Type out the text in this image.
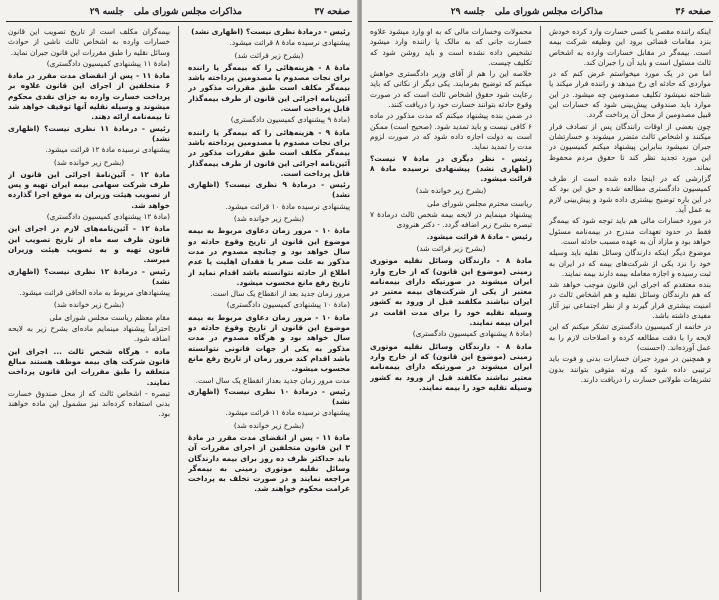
صفحه ۳۷
مذاکرات مجلس شورای ملی
جلسه ۲۹

رئیس - درمادهٔ نظری نیست؟ (اظهاری نشد)

پیشنهادی نرسیده مادهٔ ۸ قرائت میشود.

(بشرح زیر قرائت شد)

مادهٔ ۸ - هزینه‌هائی را که بیمه‌گر یا راننده برای نجات مصدوم یا مصدومین پرداخته باشد بیمه‌گر مکلف است طبق مقررات مذکور در آئین‌نامه اجرائی این قانون از طرف بیمه‌گذار قابل پرداخت است.

(مادهٔ ۹ پیشنهادی کمیسیون دادگستری)

مادهٔ ۹ - هزینه‌هائی را که بیمه‌گر یا راننده برای نجات مصدوم یا مصدومین پرداخته باشد بیمه‌گر مکلف است طبق مقررات مذکور در آئین‌نامه اجرائی این قانون از طرف بیمه‌گذار قابل پرداخت است.

رئیس - درمادهٔ ۹ نظری نیست؟ (اظهاری نشد)

پیشنهادی نرسیده مادهٔ ۱۰ قرائت میشود.

(بشرح زیر خوانده شد)

مادهٔ ۱۰ - مرور زمان دعاوی مربوط به بیمه موضوع این قانون از تاریخ وقوع حادثه دو سال خواهد بود و چنانچه مصدوم در مدت مذکور به علت صغر یا فقدان اهلیت یا عدم اطلاع از حادثه نتوانسته باشد اقدام نماید از تاریخ رفع مانع محسوب میشود.

مرور زمان جدید بعد از انقطاع یک سال است.

(مادهٔ ۱۰ پیشنهادی کمیسیون دادگستری)

مادهٔ ۱۰ - مرور زمان دعاوی مربوط به بیمه موضوع این قانون از تاریخ وقوع حادثه دو سال خواهد بود و هرگاه مصدوم در مدت مذکور به یکی از جهات قانونی نتوانسته باشد اقدام کند مرور زمان از تاریخ رفع مانع محسوب میشود.

مدت مرور زمان جدید بعداز انقطاع یک سال است.

رئیس - درمادهٔ ۱۰ نظری نیست؟ (اظهاری نشد)

پیشنهادی نرسیده مادهٔ ۱۱ قرائت میشود.

(بشرح زیر خوانده شد)

مادهٔ ۱۱ - پس از انقضای مدت مقرر در مادهٔ ۳ این قانون متخلفین از اجرای مقررات آن باید حداکثر ظرف ده روز برای بیمه دارندگان وسائل نقلیه موتوری زمینی به بیمه‌گر مراجعه نمایند و در صورت تخلف به پرداخت غرامت محکوم خواهند شد.

بیمه‌گران مکلف است از تاریخ تصویب این قانون خسارات وارده به اشخاص ثالث ناشی از حوادث وسائل نقلیه را طبق مقررات این قانون جبران نماید.

(مادهٔ ۱۱ پیشنهادی کمیسیون دادگستری)

مادهٔ ۱۱ - پس از انقضای مدت مقرر در مادهٔ ۶ متخلفین از اجرای این قانون علاوه بر پرداخت خسارت وارده به جزای نقدی محکوم میشوند و وسیله نقلیه آنها توقیف خواهد شد تا بیمه‌نامه ارائه دهند.

رئیس - درمادهٔ ۱۱ نظری نیست؟ (اظهاری نشد)

پیشنهادی نرسیده مادهٔ ۱۲ قرائت میشود.

(بشرح زیر خوانده شد)

مادهٔ ۱۲ - آئین‌نامهٔ اجرائی این قانون از طرف شرکت سهامی بیمه ایران تهیه و پس از تصویب هیئت وزیران به موقع اجرا گذارده خواهد شد.

(مادهٔ ۱۲ پیشنهادی کمیسیون دادگستری)

مادهٔ ۱۲ - آئین‌نامه‌های لازم در اجرای این قانون ظرف سه ماه از تاریخ تصویب این قانون تهیه و به تصویب هیئت وزیران میرسد.

رئیس - درمادهٔ ۱۲ نظری نیست؟ (اظهاری نشد)

پیشنهادهای مربوط به ماده الحاقی قرائت میشود.

(بشرح زیر خوانده شد)

مقام معظم ریاست مجلس شورای ملی

احتراماً پیشنهاد مینمایم ماده‌ای بشرح زیر به لایحه اضافه شود.

ماده - هرگاه شخص ثالث ... اجرای این قانون شرکت های بیمه موظف هستند مبالغ متعلقه را طبق مقررات این قانون پرداخت نمایند.

تبصره - اشخاص ثالث که از محل صندوق خسارت بدنی استفاده کرده‌اند نیز مشمول این ماده خواهند بود.

صفحه ۳۶
مذاکرات مجلس شورای ملی
جلسه ۲۹

اینکه راننده مقصر یا کسی خسارت وارد کرده خودش بنزد مقامات قضائی برود این وظیفه شرکت بیمه است. بیمه‌گر در مقابل خسارات وارده به اشخاص ثالث مسئول است و باید آن را جبران کند.

اما من در یک مورد میخواستم عرض کنم که در مواردی که حادثه ای رخ میدهد و راننده فرار میکند یا شناخته نمیشود تکلیف مصدومین چه میشود. در این موارد باید صندوقی پیش‌بینی شود که خسارات این قبیل مصدومین از محل آن پرداخت گردد.

چون بعضی از اوقات رانندگان پس از تصادف فرار میکنند و اشخاص ثالث متضرر میشوند و خسارتشان جبران نمیشود بنابراین پیشنهاد میکنم کمیسیون در این مورد تجدید نظر کند تا حقوق مردم محفوظ بماند.

گزارشی که در اینجا داده شده است از طرف کمیسیون دادگستری مطالعه شده و حق این بود که در این باره توضیح بیشتری داده شود و پیش‌بینی لازم به عمل آید.

در مورد خسارات مالی هم باید توجه شود که بیمه‌گر فقط در حدود تعهدات مندرج در بیمه‌نامه مسئول خواهد بود و مازاد آن به عهده مسبب حادثه است.

موضوع دیگر اینکه دارندگان وسائل نقلیه باید وسیله خود را نزد یکی از شرکت‌های بیمه که در ایران به ثبت رسیده و اجازه معامله بیمه دارند بیمه نمایند.

بنده معتقدم که اجرای این قانون موجب خواهد شد که هم دارندگان وسائل نقلیه و هم اشخاص ثالث در امنیت بیشتری قرار گیرند و از نظر اجتماعی نیز آثار مفیدی داشته باشد.

در خاتمه از کمیسیون دادگستری تشکر میکنم که این لایحه را با دقت مطالعه کرده و اصلاحات لازم را به عمل آورده‌اند. (احسنت)

و همچنین در مورد جبران خسارات بدنی و فوت باید ترتیبی داده شود که ورثه متوفی بتوانند بدون تشریفات طولانی خسارت را دریافت دارند.

محمولات وخسارات مالی که به او وارد میشود علاوه خسارت جانی که به مالک یا راننده وارد میشود تشخیص داده نشده است و باید روشن شود که تکلیف چیست.

خلاصه این را هم از آقای وزیر دادگستری خواهش میکنم که توضیح بفرمایند. یکی دیگر از نکاتی که باید رعایت شود حقوق اشخاص ثالث است که در صورت وقوع حادثه بتوانند خسارت خود را دریافت کنند.

در ضمن بنده پیشنهاد میکنم که مدت مذکور در ماده ۶ کافی نیست و باید تمدید شود. (صحیح است) ممکن است به دولت اجازه داده شود که در صورت لزوم مدت را تمدید نماید.

رئیس - نظر دیگری در مادهٔ ۷ نیست؟ (اظهاری نشد) پیشنهادی نرسیده مادهٔ ۸ قرائت میشود.

(بشرح زیر خوانده شد)

ریاست محترم مجلس شورای ملی

پیشنهاد مینمایم در لایحه بیمه شخص ثالث درمادهٔ ۷ تبصره بشرح زیر اضافه گردد. - دکتر هنرودی

رئیس - مادهٔ ۸ قرائت میشود.

(بشرح زیر قرائت شد)

مادهٔ ۸ - دارندگان وسائل نقلیه موتوری زمینی (موضوع این قانون) که از خارج وارد ایران میشوند در صورتیکه دارای بیمه‌نامه معتبر از یکی از شرکت‌های بیمه معتبر در ایران نباشند مکلفند قبل از ورود به کشور وسیله نقلیه خود را برای مدت اقامت در ایران بیمه نمایند.

(مادهٔ ۸ پیشنهادی کمیسیون دادگستری)

مادهٔ ۸ - دارندگان وسائل نقلیه موتوری زمینی (موضوع این قانون) که از خارج وارد ایران میشوند در صورتیکه دارای بیمه‌نامه معتبر نباشند مکلفند قبل از ورود به کشور وسیله نقلیه خود را بیمه نمایند.
